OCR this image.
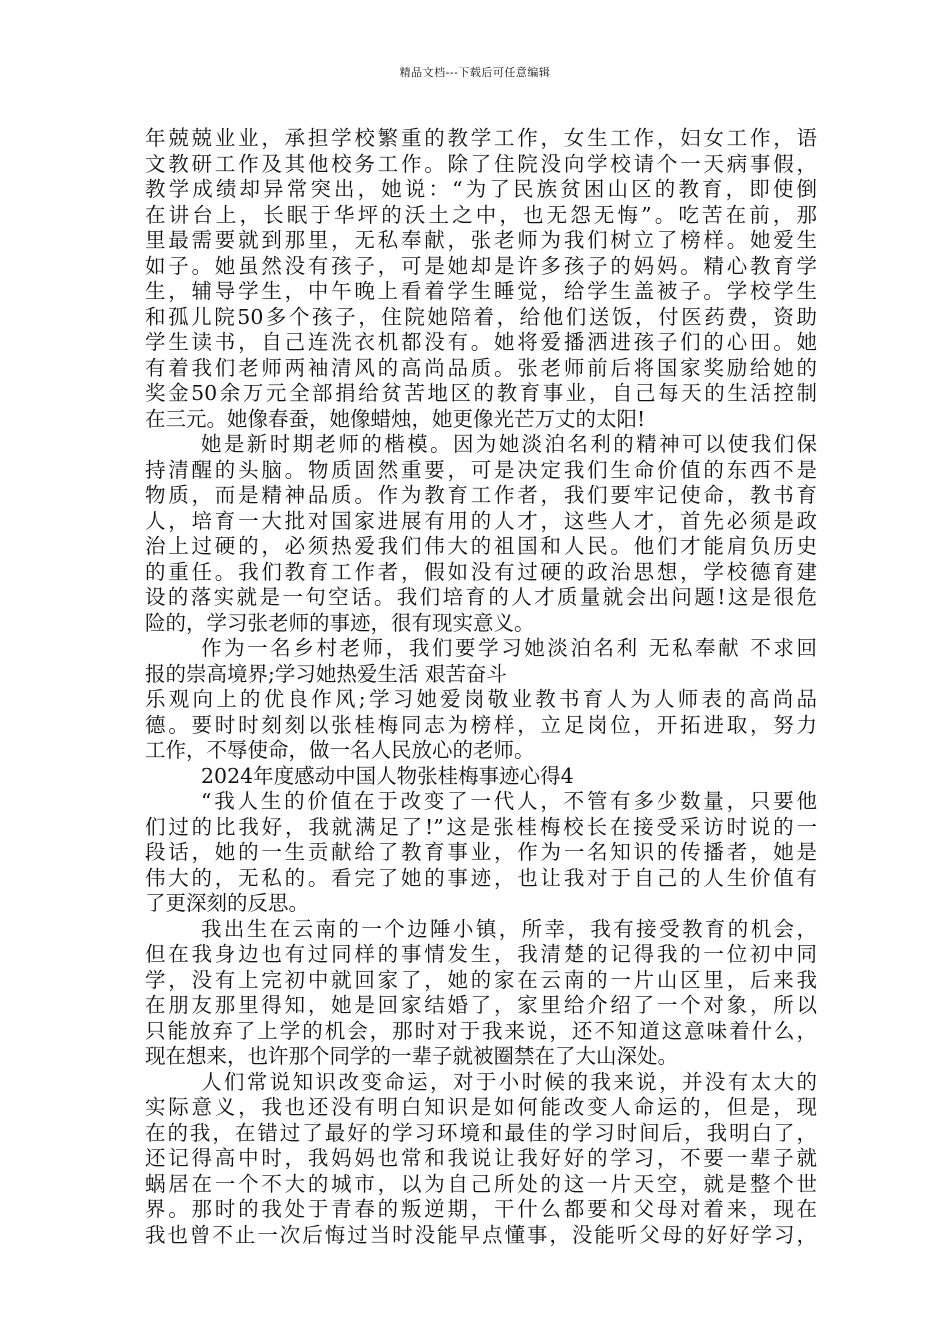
精品文档---下载后可任意编辑
年兢兢业业，承担学校繁重的教学工作，女生工作，妇女工作，语
文教研工作及其他校务工作。除了住院没向学校请个一天病事假，
教学成绩却异常突出，她说：“为了民族贫困山区的教育，即使倒
在讲台上，长眠于华坪的沃土之中，也无怨无悔”。吃苦在前，那
里最需要就到那里，无私奉献，张老师为我们树立了榜样。她爱生
如子。她虽然没有孩子，可是她却是许多孩子的妈妈。精心教育学
生，辅导学生，中午晚上看着学生睡觉，给学生盖被子。学校学生
和孤儿院50多个孩子，住院她陪着，给他们送饭，付医药费，资助
学生读书，自己连洗衣机都没有。她将爱播洒进孩子们的心田。她
有着我们老师两袖清风的高尚品质。张老师前后将国家奖励给她的
奖金50余万元全部捐给贫苦地区的教育事业，自己每天的生活控制
在三元。她像春蚕，她像蜡烛，她更像光芒万丈的太阳!
她是新时期老师的楷模。因为她淡泊名利的精神可以使我们保
持清醒的头脑。物质固然重要，可是决定我们生命价值的东西不是
物质，而是精神品质。作为教育工作者，我们要牢记使命，教书育
人，培育一大批对国家进展有用的人才，这些人才，首先必须是政
治上过硬的，必须热爱我们伟大的祖国和人民。他们才能肩负历史
的重任。我们教育工作者，假如没有过硬的政治思想，学校德育建
设的落实就是一句空话。我们培育的人才质量就会出问题!这是很危
险的，学习张老师的事迹，很有现实意义。
作为一名乡村老师，我们要学习她淡泊名利 无私奉献 不求回
报的崇高境界;学习她热爱生活 艰苦奋斗
乐观向上的优良作风;学习她爱岗敬业教书育人为人师表的高尚品
德。要时时刻刻以张桂梅同志为榜样，立足岗位，开拓进取，努力
工作，不辱使命，做一名人民放心的老师。
2024年度感动中国人物张桂梅事迹心得4
“我人生的价值在于改变了一代人，不管有多少数量，只要他
们过的比我好，我就满足了!”这是张桂梅校长在接受采访时说的一
段话，她的一生贡献给了教育事业，作为一名知识的传播者，她是
伟大的，无私的。看完了她的事迹，也让我对于自己的人生价值有
了更深刻的反思。
我出生在云南的一个边陲小镇，所幸，我有接受教育的机会，
但在我身边也有过同样的事情发生，我清楚的记得我的一位初中同
学，没有上完初中就回家了，她的家在云南的一片山区里，后来我
在朋友那里得知，她是回家结婚了，家里给介绍了一个对象，所以
只能放弃了上学的机会，那时对于我来说，还不知道这意味着什么，
现在想来，也许那个同学的一辈子就被圈禁在了大山深处。
人们常说知识改变命运，对于小时候的我来说，并没有太大的
实际意义，我也还没有明白知识是如何能改变人命运的，但是，现
在的我，在错过了最好的学习环境和最佳的学习时间后，我明白了，
还记得高中时，我妈妈也常和我说让我好好的学习，不要一辈子就
蜗居在一个不大的城市，以为自己所处的这一片天空，就是整个世
界。那时的我处于青春的叛逆期，干什么都要和父母对着来，现在
我也曾不止一次后悔过当时没能早点懂事，没能听父母的好好学习，
